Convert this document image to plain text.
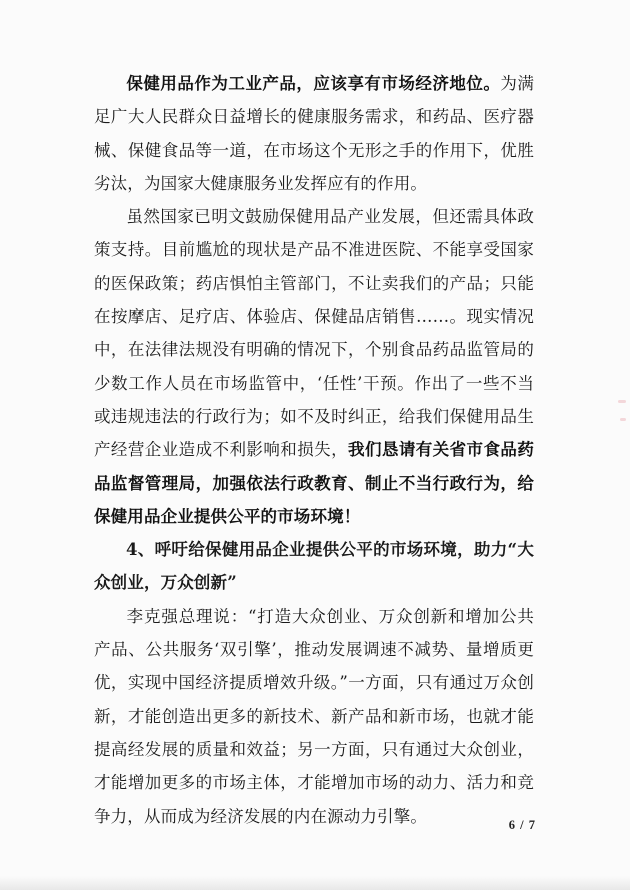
保健用品作为工业产品，应该享有市场经济地位。为满足广大人民群众日益增长的健康服务需求，和药品、医疗器械、保健食品等一道，在市场这个无形之手的作用下，优胜劣汰，为国家大健康服务业发挥应有的作用。

虽然国家已明文鼓励保健用品产业发展，但还需具体政策支持。目前尴尬的现状是产品不准进医院、不能享受国家的医保政策；药店惧怕主管部门，不让卖我们的产品；只能在按摩店、足疗店、体验店、保健品店销售……。现实情况中，在法律法规没有明确的情况下，个别食品药品监管局的少数工作人员在市场监管中，‘任性’干预。作出了一些不当或违规违法的行政行为；如不及时纠正，给我们保健用品生产经营企业造成不利影响和损失，我们恳请有关省市食品药品监督管理局，加强依法行政教育、制止不当行政行为，给保健用品企业提供公平的市场环境！

4、呼吁给保健用品企业提供公平的市场环境，助力“大众创业，万众创新”

李克强总理说：“打造大众创业、万众创新和增加公共产品、公共服务‘双引擎’，推动发展调速不减势、量增质更优，实现中国经济提质增效升级。”一方面，只有通过万众创新，才能创造出更多的新技术、新产品和新市场，也就才能提高经发展的质量和效益；另一方面，只有通过大众创业，才能增加更多的市场主体，才能增加市场的动力、活力和竞争力，从而成为经济发展的内在源动力引擎。	6 / 7
